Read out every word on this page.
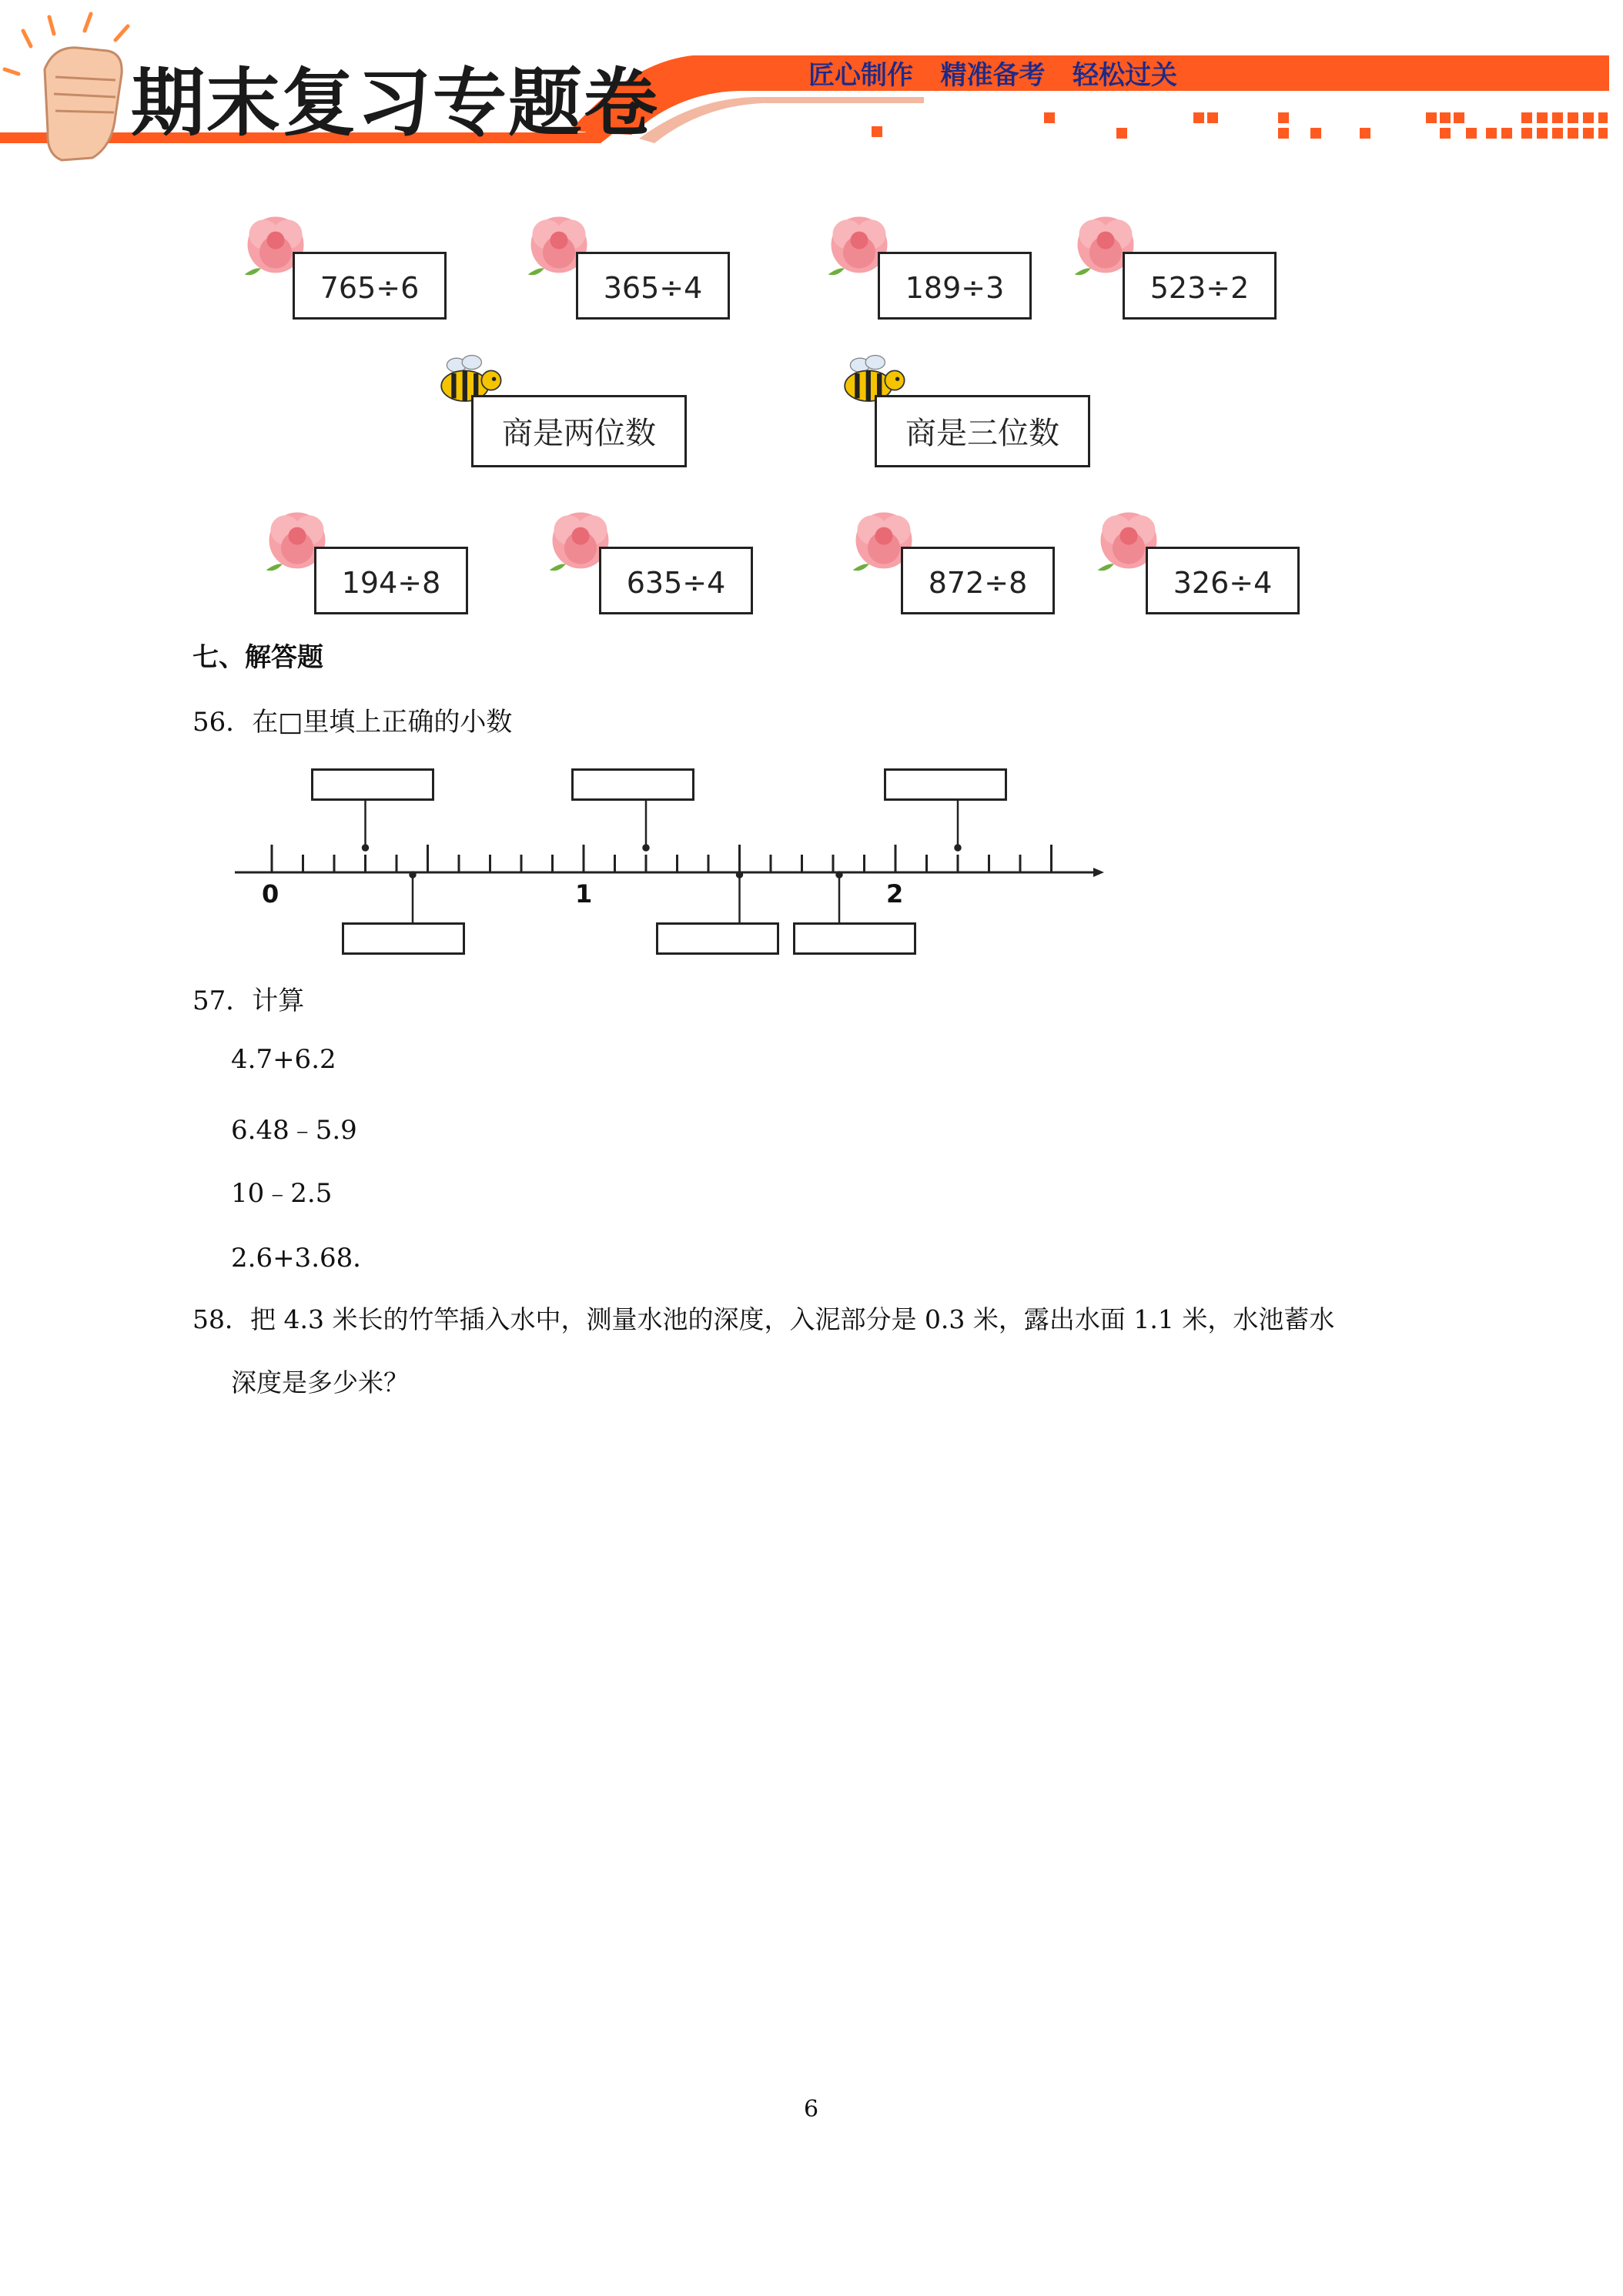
期末复习专题卷	匠心制作   精准备考   轻松过关
765÷6	365÷4	189÷3	523÷2
商是两位数	商是三位数
194÷8	635÷4	872÷8	326÷4
七、解答题
56．在□里填上正确的小数
0	1	2
57．计算
4.7+6.2
6.48﹣5.9
10﹣2.5
2.6+3.68．
58．把 4.3 米长的竹竿插入水中，测量水池的深度，入泥部分是 0.3 米，露出水面 1.1 米，水池蓄水
深度是多少米？
6
